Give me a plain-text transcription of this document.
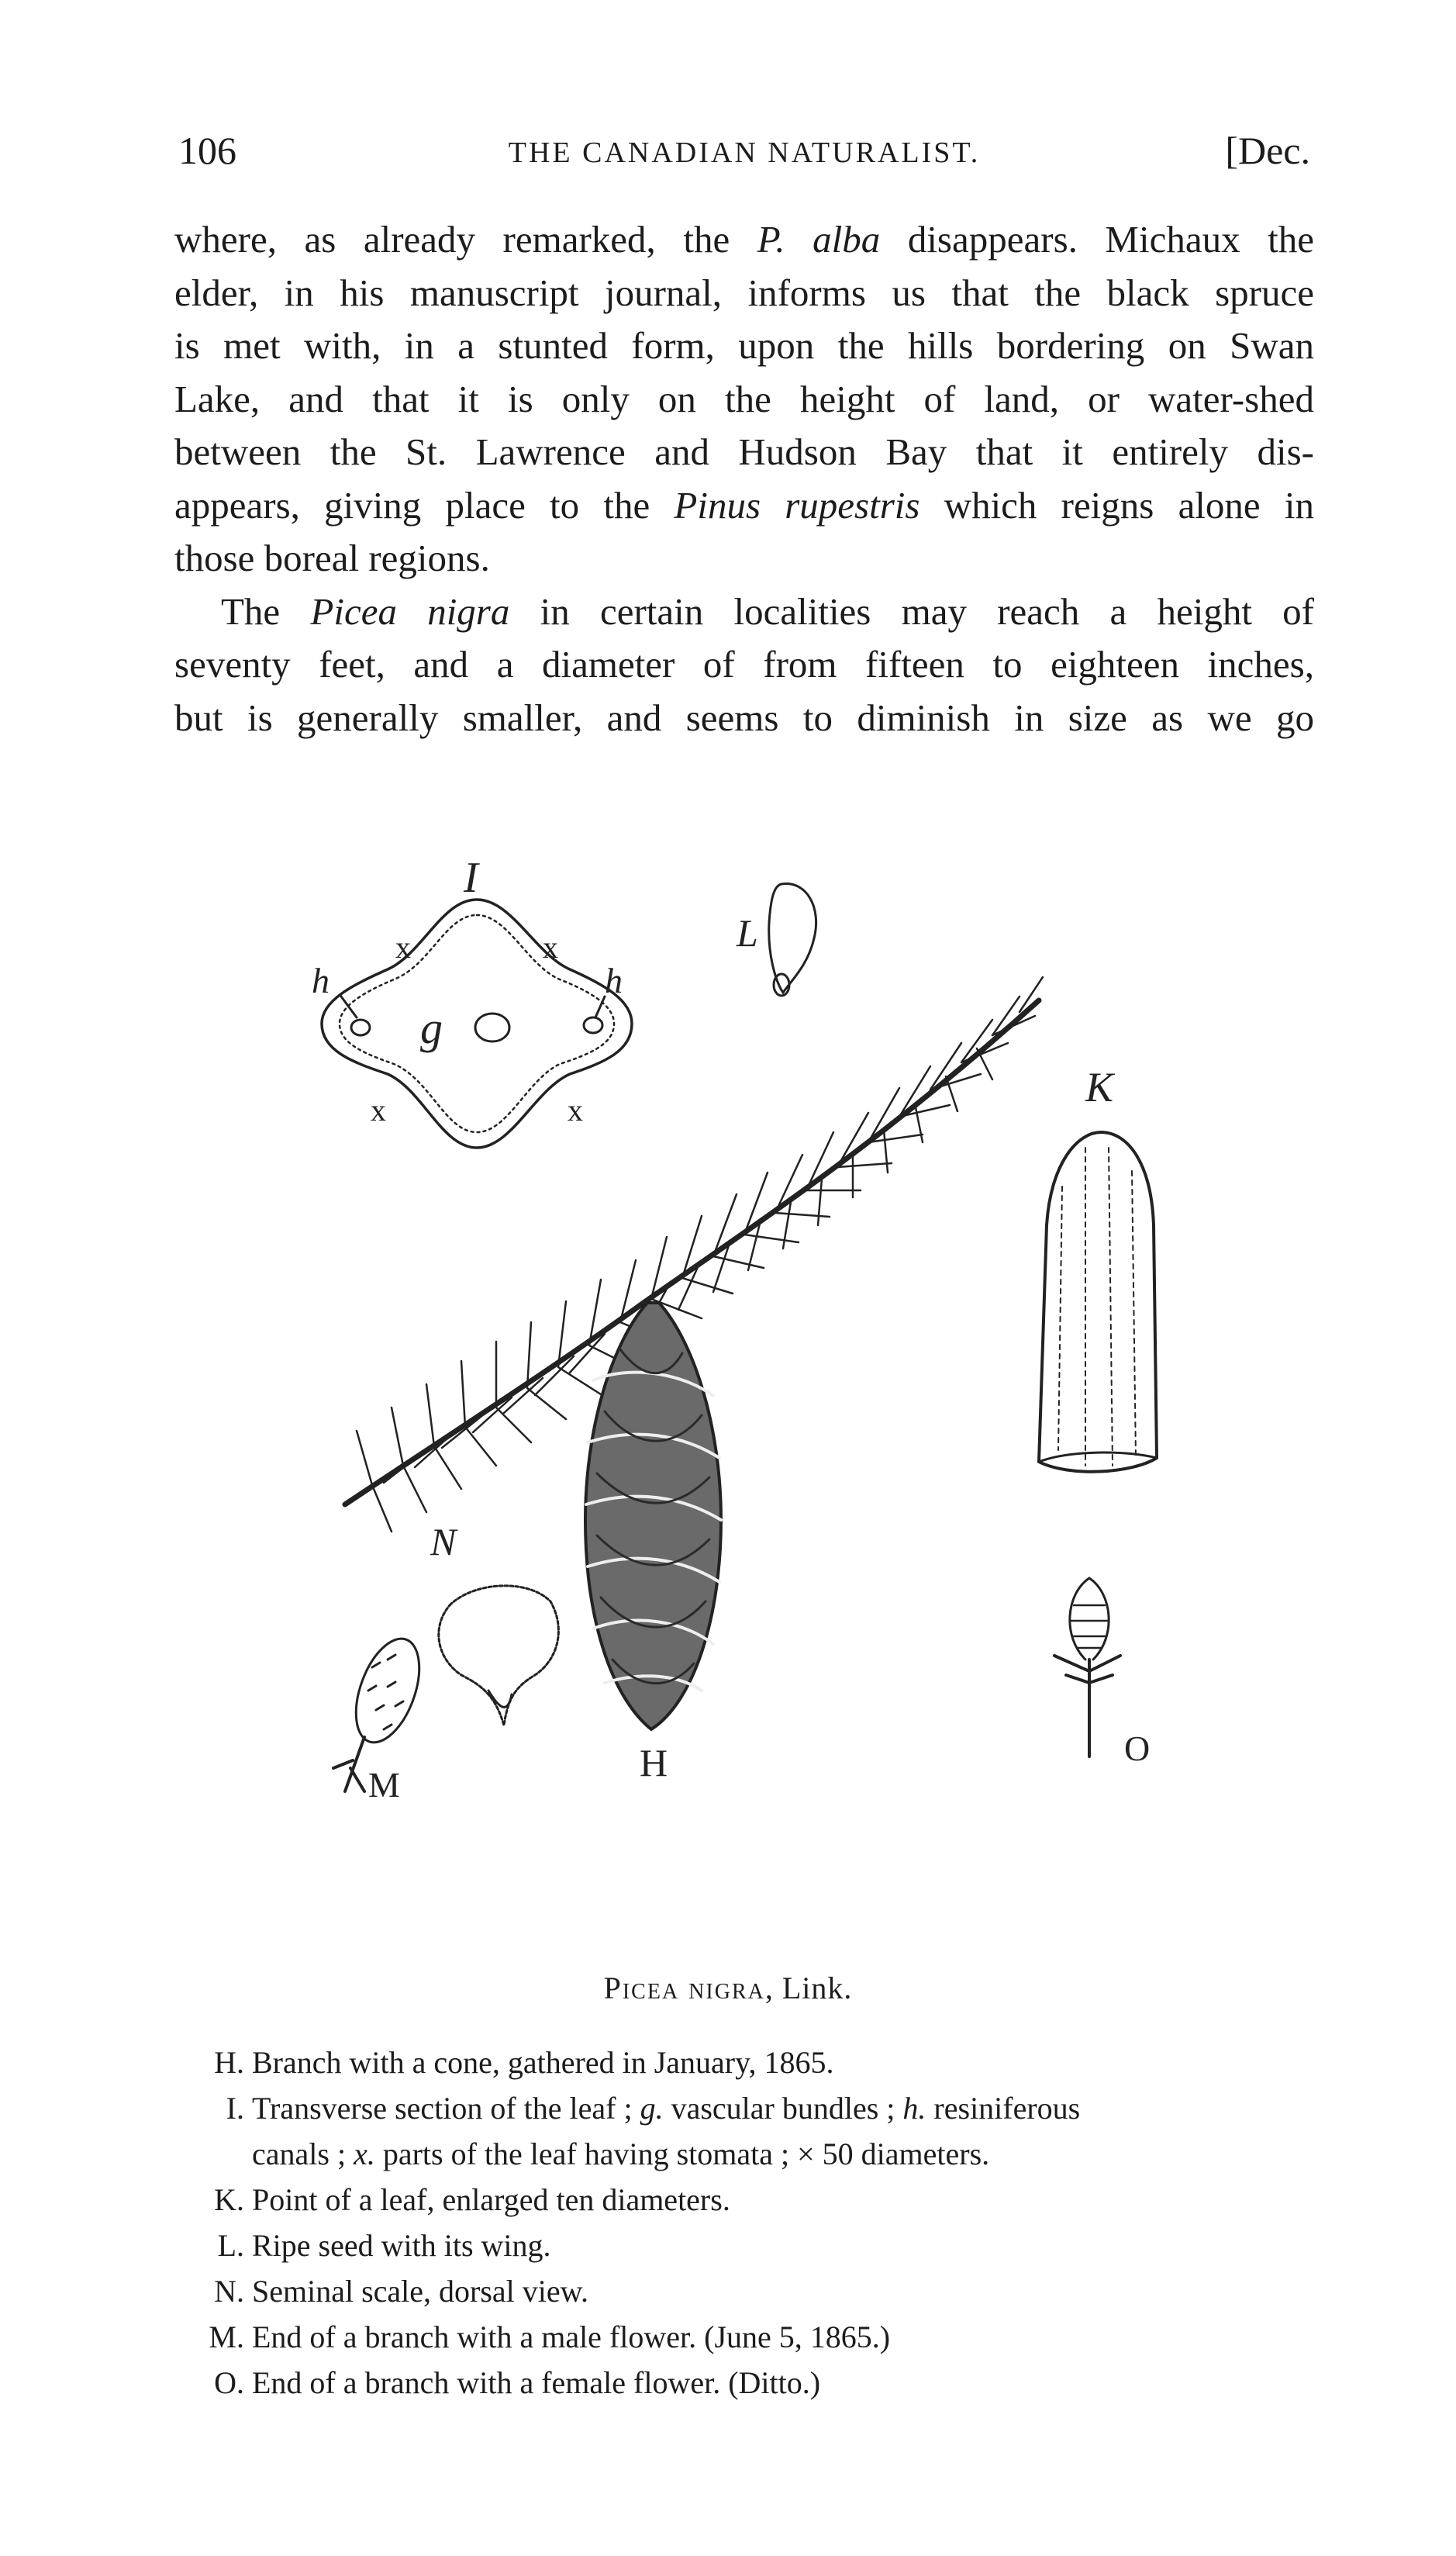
106	THE CANADIAN NATURALIST.	[Dec.
where, as already remarked, the P. alba disappears. Michaux the
elder, in his manuscript journal, informs us that the black spruce
is met with, in a stunted form, upon the hills bordering on Swan
Lake, and that it is only on the height of land, or water-shed
between the St. Lawrence and Hudson Bay that it entirely dis-
appears, giving place to the Pinus rupestris which reigns alone in
those boreal regions.
The Picea nigra in certain localities may reach a height of
seventy feet, and a diameter of from fifteen to eighteen inches,
but is generally smaller, and seems to diminish in size as we go
I
x	x
x	x
h	h
g
L
H
K
N
M
O
Picea nigra, Link.
H. Branch with a cone, gathered in January, 1865.
I. Transverse section of the leaf ; g. vascular bundles ; h. resiniferous
canals ; x. parts of the leaf having stomata ; × 50 diameters.
K. Point of a leaf, enlarged ten diameters.
L. Ripe seed with its wing.
N. Seminal scale, dorsal view.
M. End of a branch with a male flower. (June 5, 1865.)
O. End of a branch with a female flower. (Ditto.)
